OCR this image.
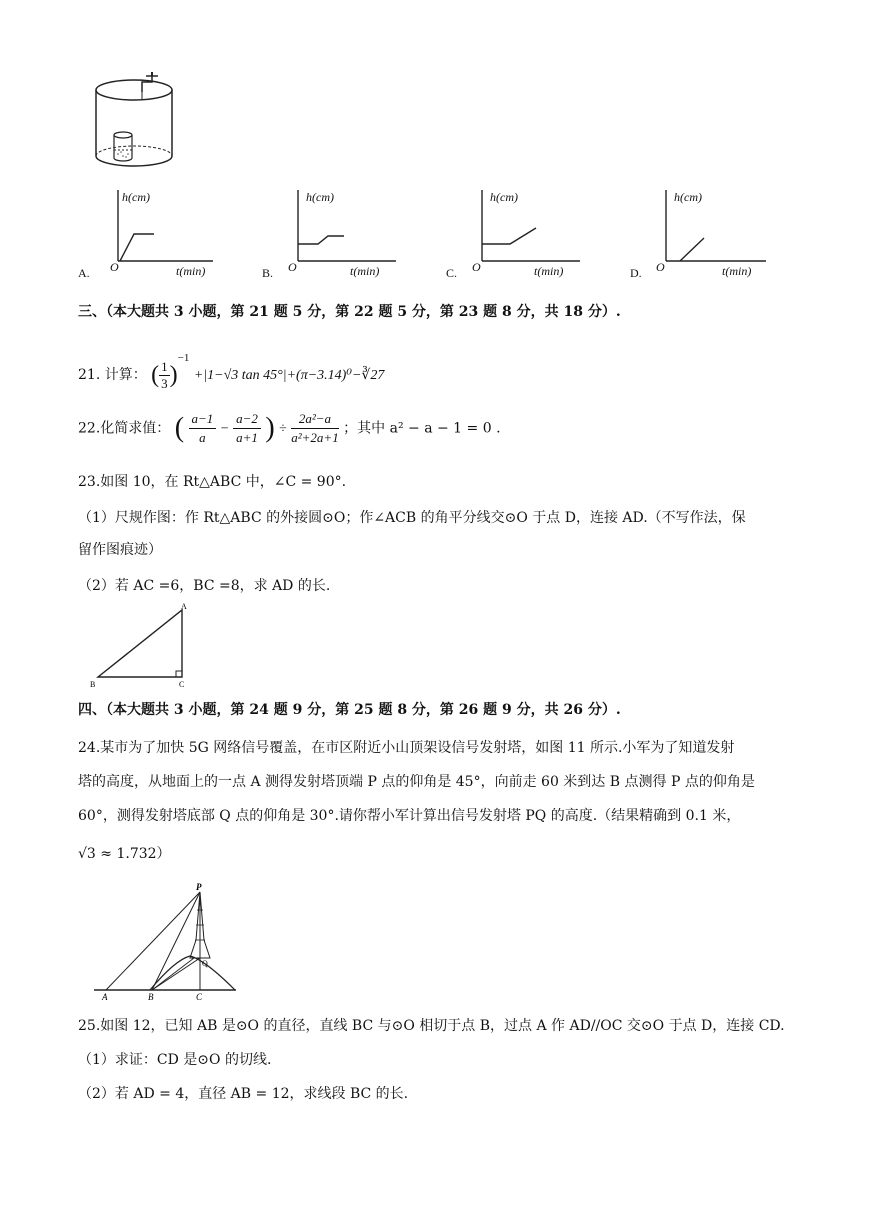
A.
h(cm)
t(min)
O	B.
h(cm)
t(min)
O	C.
h(cm)
t(min)
O	D.
h(cm)
t(min)
O
三、（本大题共 3 小题，第 21 题 5 分，第 22 题 5 分，第 23 题 8 分，共 18 分）.
21. 计算： ( $\frac{1}{3} )^{-1} +|1-√3$ tan 45°|+(π−3.14)⁰−∛27
22.化简求值： ( $\frac{a-1}{a} - \frac{a-2}{a+1}$ ) ÷ $\frac{\text{2a²−a}}{\text{a²+2a+1}}$ ；其中 a² − a − 1 = 0 .
23.如图 10，在 Rt△ABC 中，∠C = 90°.
（1）尺规作图：作 Rt△ABC 的外接圆⊙O；作∠ACB 的角平分线交⊙O 于点 D，连接 AD.（不写作法，保
留作图痕迹）
（2）若 AC =6，BC =8，求 AD 的长.
A
B	C
四、（本大题共 3 小题，第 24 题 9 分，第 25 题 8 分，第 26 题 9 分，共 26 分）.
24.某市为了加快 5G 网络信号覆盖，在市区附近小山顶架设信号发射塔，如图 11 所示.小军为了知道发射
塔的高度，从地面上的一点 A 测得发射塔顶端 P 点的仰角是 45°，向前走 60 米到达 B 点测得 P 点的仰角是
60°，测得发射塔底部 Q 点的仰角是 30°.请你帮小军计算出信号发射塔 PQ 的高度.（结果精确到 0.1 米，
√3 ≈ 1.732）
P
Q
A	B	C
25.如图 12，已知 AB 是⊙O 的直径，直线 BC 与⊙O 相切于点 B，过点 A 作 AD//OC 交⊙O 于点 D，连接 CD.
（1）求证：CD 是⊙O 的切线.
（2）若 AD = 4，直径 AB = 12，求线段 BC 的长.
